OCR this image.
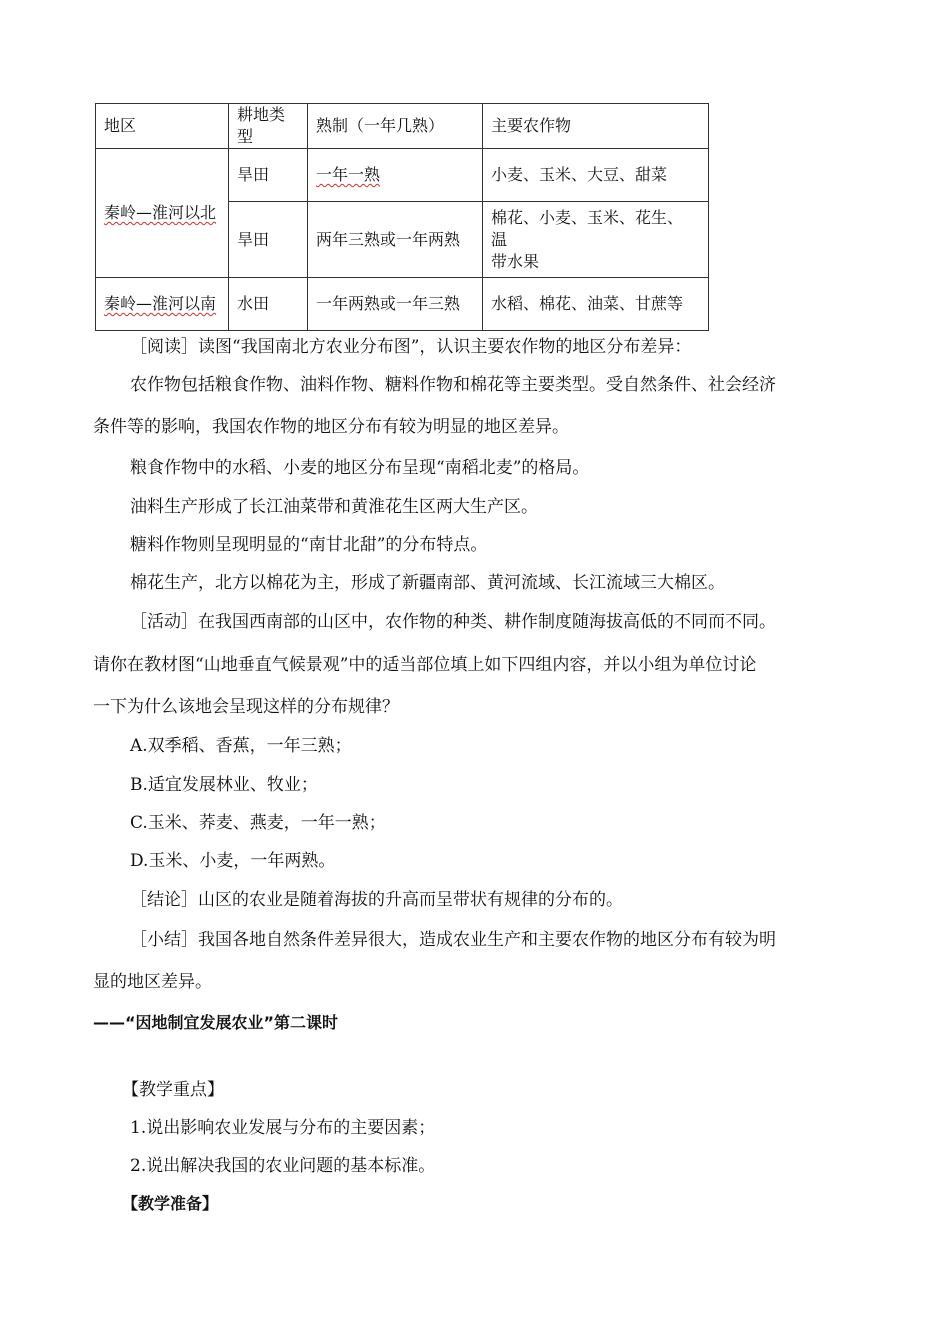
地区	耕地类型	熟制（一年几熟）	主要农作物
秦岭—淮河以北	旱田	一年一熟	小麦、玉米、大豆、甜菜
	旱田	两年三熟或一年两熟	棉花、小麦、玉米、花生、
温
带水果

秦岭—淮河以南	水田	一年两熟或一年三熟	水稻、棉花、油菜、甘蔗等
［阅读］读图“我国南北方农业分布图”，认识主要农作物的地区分布差异：
农作物包括粮食作物、油料作物、糖料作物和棉花等主要类型。受自然条件、社会经济
条件等的影响，我国农作物的地区分布有较为明显的地区差异。
粮食作物中的水稻、小麦的地区分布呈现“南稻北麦”的格局。
油料生产形成了长江油菜带和黄淮花生区两大生产区。
糖料作物则呈现明显的“南甘北甜”的分布特点。
棉花生产，北方以棉花为主，形成了新疆南部、黄河流域、长江流域三大棉区。
［活动］在我国西南部的山区中，农作物的种类、耕作制度随海拔高低的不同而不同。
请你在教材图“山地垂直气候景观”中的适当部位填上如下四组内容，并以小组为单位讨论
一下为什么该地会呈现这样的分布规律？
A.双季稻、香蕉，一年三熟；
B.适宜发展林业、牧业；
C.玉米、荞麦、燕麦，一年一熟；
D.玉米、小麦，一年两熟。
［结论］山区的农业是随着海拔的升高而呈带状有规律的分布的。
［小结］我国各地自然条件差异很大，造成农业生产和主要农作物的地区分布有较为明
显的地区差异。
——“因地制宜发展农业”第二课时
【教学重点】
1.说出影响农业发展与分布的主要因素；
2.说出解决我国的农业问题的基本标准。
【教学准备】
